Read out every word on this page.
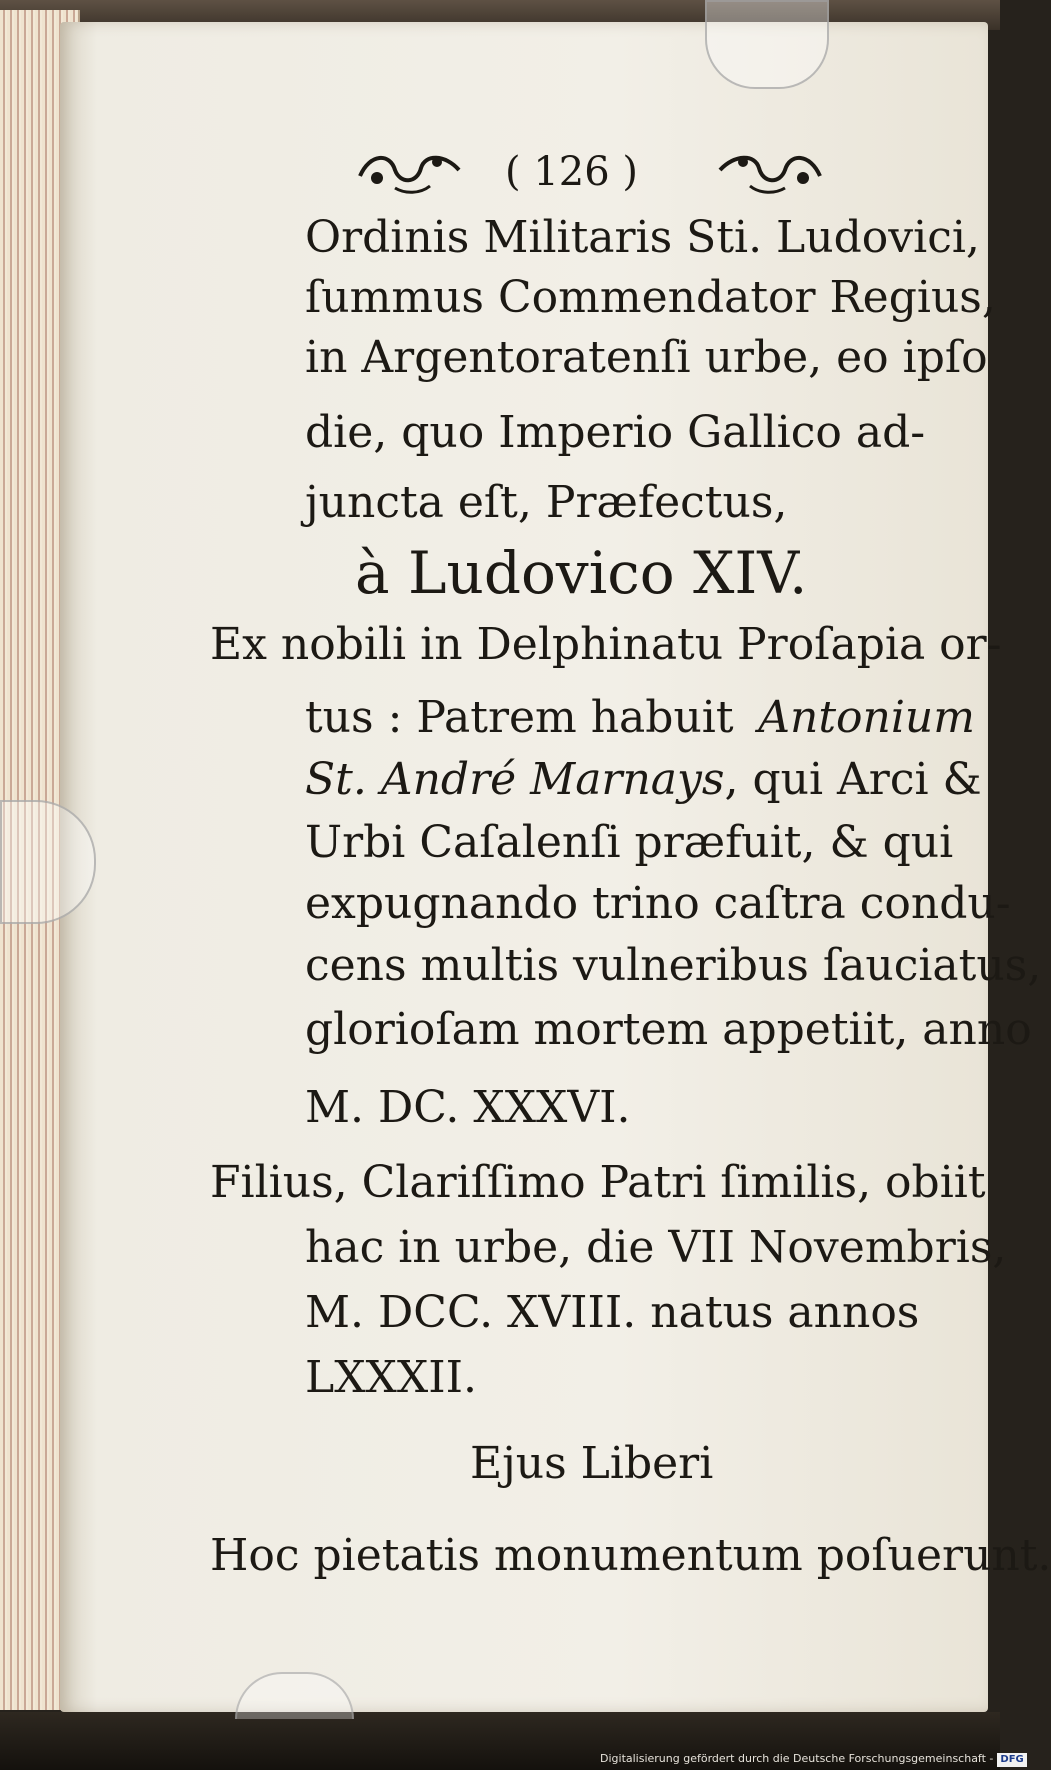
( 126 )
Ordinis Militaris Sti. Ludovici,
ſummus Commendator Regius,
in Argentoratenſi urbe, eo ipſo
die, quo Imperio Gallico ad-
juncta eſt, Præfectus,
à Ludovico XIV.
Ex nobili in Delphinatu Proſapia or-
tus : Patrem habuit Antonium
St. André Marnays, qui Arci &
Urbi Caſalenſi præfuit, & qui
expugnando trino caſtra condu-
cens multis vulneribus ſauciatus,
glorioſam mortem appetiit, anno
M. DC. XXXVI.
Filius, Clariſſimo Patri ſimilis, obiit
hac in urbe, die VII Novembris,
M. DCC. XVIII. natus annos
LXXXII.
Ejus Liberi
Hoc pietatis monumentum poſuerunt.
Digitalisierung gefördert durch die Deutsche Forschungsgemeinschaft - DFG
